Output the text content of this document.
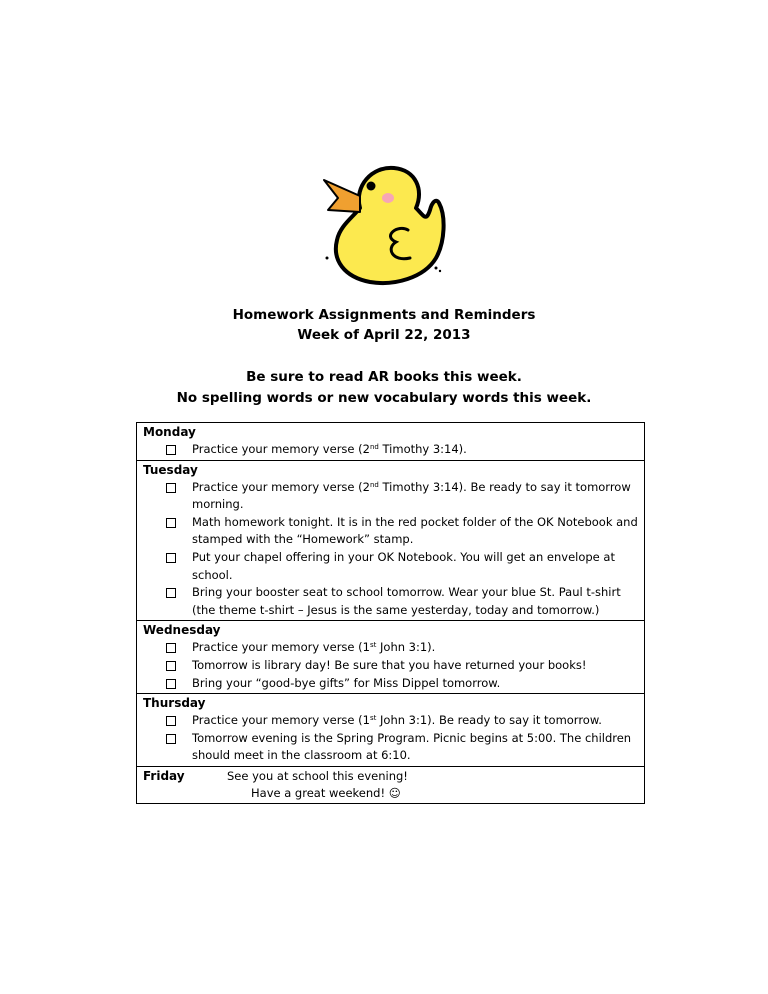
Homework Assignments and Reminders
Week of April 22, 2013
Be sure to read AR books this week.
No spelling words or new vocabulary words this week.
Monday
Practice your memory verse (2nd Timothy 3:14).

Tuesday
Practice your memory verse (2nd Timothy 3:14). Be ready to say it tomorrow morning.
Math homework tonight. It is in the red pocket folder of the OK Notebook and stamped with the “Homework” stamp.
Put your chapel offering in your OK Notebook. You will get an envelope at school.
Bring your booster seat to school tomorrow. Wear your blue St. Paul t-shirt (the theme t-shirt – Jesus is the same yesterday, today and tomorrow.)

Wednesday
Practice your memory verse (1st John 3:1).
Tomorrow is library day! Be sure that you have returned your books!
Bring your “good-bye gifts” for Miss Dippel tomorrow.

Thursday
Practice your memory verse (1st John 3:1). Be ready to say it tomorrow.
Tomorrow evening is the Spring Program. Picnic begins at 5:00. The children should meet in the classroom at 6:10.

Friday	See you at school this evening!
Have a great weekend! ☺
